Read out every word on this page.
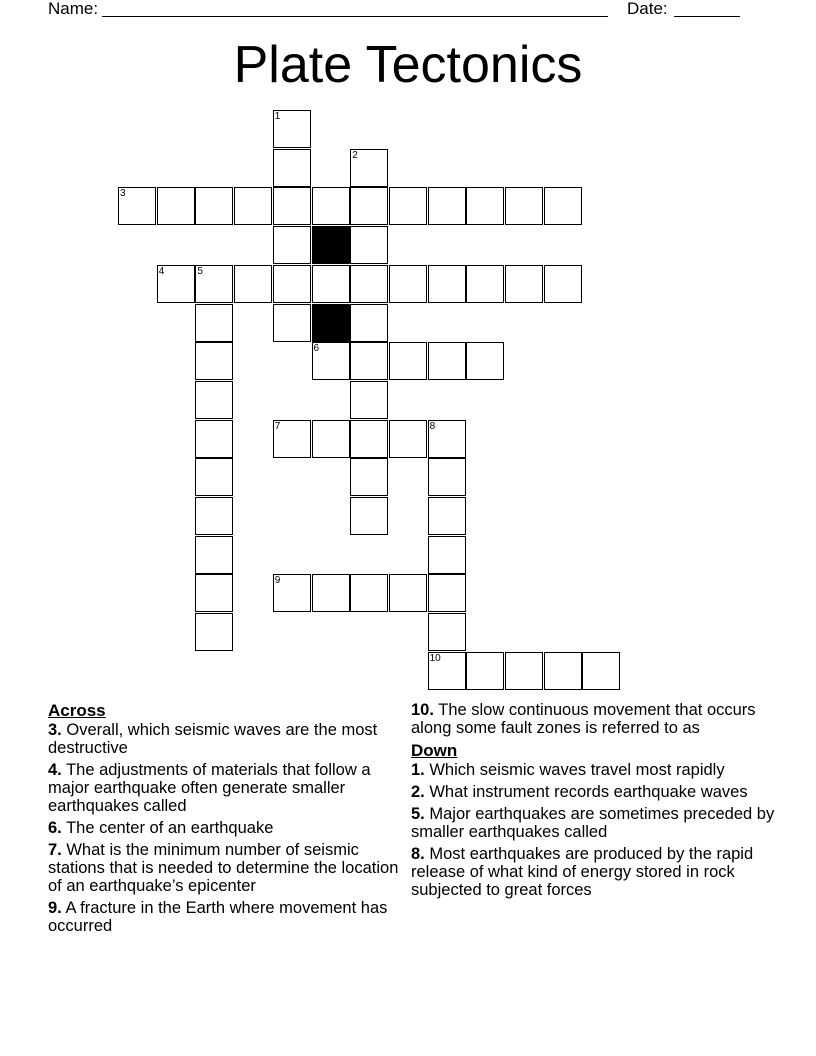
Name:	Date:
Plate Tectonics
1
2
3
4	5
6
7	8
9
10
Across
3. Overall, which seismic waves are the most destructive
4. The adjustments of materials that follow a major earthquake often generate smaller earthquakes called
6. The center of an earthquake
7. What is the minimum number of seismic stations that is needed to determine the location of an earthquake’s epicenter
9. A fracture in the Earth where movement has occurred
10. The slow continuous movement that occurs along some fault zones is referred to as
Down
1. Which seismic waves travel most rapidly
2. What instrument records earthquake waves
5. Major earthquakes are sometimes preceded by smaller earthquakes called
8. Most earthquakes are produced by the rapid release of what kind of energy stored in rock subjected to great forces
